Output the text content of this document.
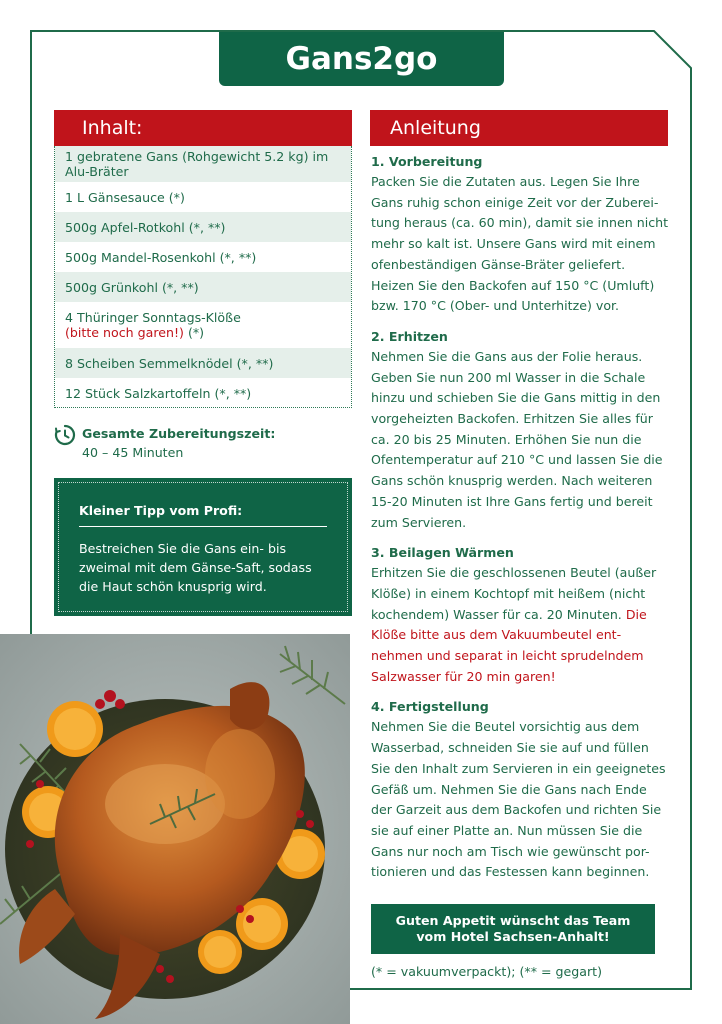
Gans2go
Inhalt:
1 gebratene Gans (Rohgewicht 5.2 kg) im Alu-Bräter
1 L Gänsesauce (*)
500g Apfel-Rotkohl (*, **)
500g Mandel-Rosenkohl (*, **)
500g Grünkohl (*, **)
4 Thüringer Sonntags-Klöße
(bitte noch garen!) (*)
8 Scheiben Semmelknödel (*, **)
12 Stück Salzkartoffeln (*, **)
Gesamte Zubereitungszeit:
40 – 45 Minuten
Kleiner Tipp vom Profi:
Bestreichen Sie die Gans ein- bis zweimal mit dem Gänse-Saft, sodass die Haut schön knusprig wird.
Anleitung
1. Vorbereitung
Packen Sie die Zutaten aus. Legen Sie Ihre Gans ruhig schon einige Zeit vor der Zuberei-tung heraus (ca. 60 min), damit sie innen nicht mehr so kalt ist. Unsere Gans wird mit einem ofenbeständigen Gänse-Bräter geliefert. Heizen Sie den Backofen auf 150 °C (Umluft) bzw. 170 °C (Ober- und Unterhitze) vor.
2. Erhitzen
Nehmen Sie die Gans aus der Folie heraus. Geben Sie nun 200 ml Wasser in die Schale hinzu und schieben Sie die Gans mittig in den vorgeheizten Backofen. Erhitzen Sie alles für ca. 20 bis 25 Minuten. Erhöhen Sie nun die Ofentemperatur auf 210 °C und lassen Sie die Gans schön knusprig werden. Nach weiteren 15-20 Minuten ist Ihre Gans fertig und bereit zum Servieren.
3. Beilagen Wärmen
Erhitzen Sie die geschlossenen Beutel (außer Klöße) in einem Kochtopf mit heißem (nicht kochendem) Wasser für ca. 20 Minuten. Die Klöße bitte aus dem Vakuumbeutel ent-nehmen und separat in leicht sprudelndem Salzwasser für 20 min garen!
4. Fertigstellung
Nehmen Sie die Beutel vorsichtig aus dem Wasserbad, schneiden Sie sie auf und füllen Sie den Inhalt zum Servieren in ein geeignetes Gefäß um. Nehmen Sie die Gans nach Ende der Garzeit aus dem Backofen und richten Sie sie auf einer Platte an. Nun müssen Sie die Gans nur noch am Tisch wie gewünscht por-tionieren und das Festessen kann beginnen.
Guten Appetit wünscht das Team
vom Hotel Sachsen-Anhalt!
(* = vakuumverpackt); (** = gegart)
